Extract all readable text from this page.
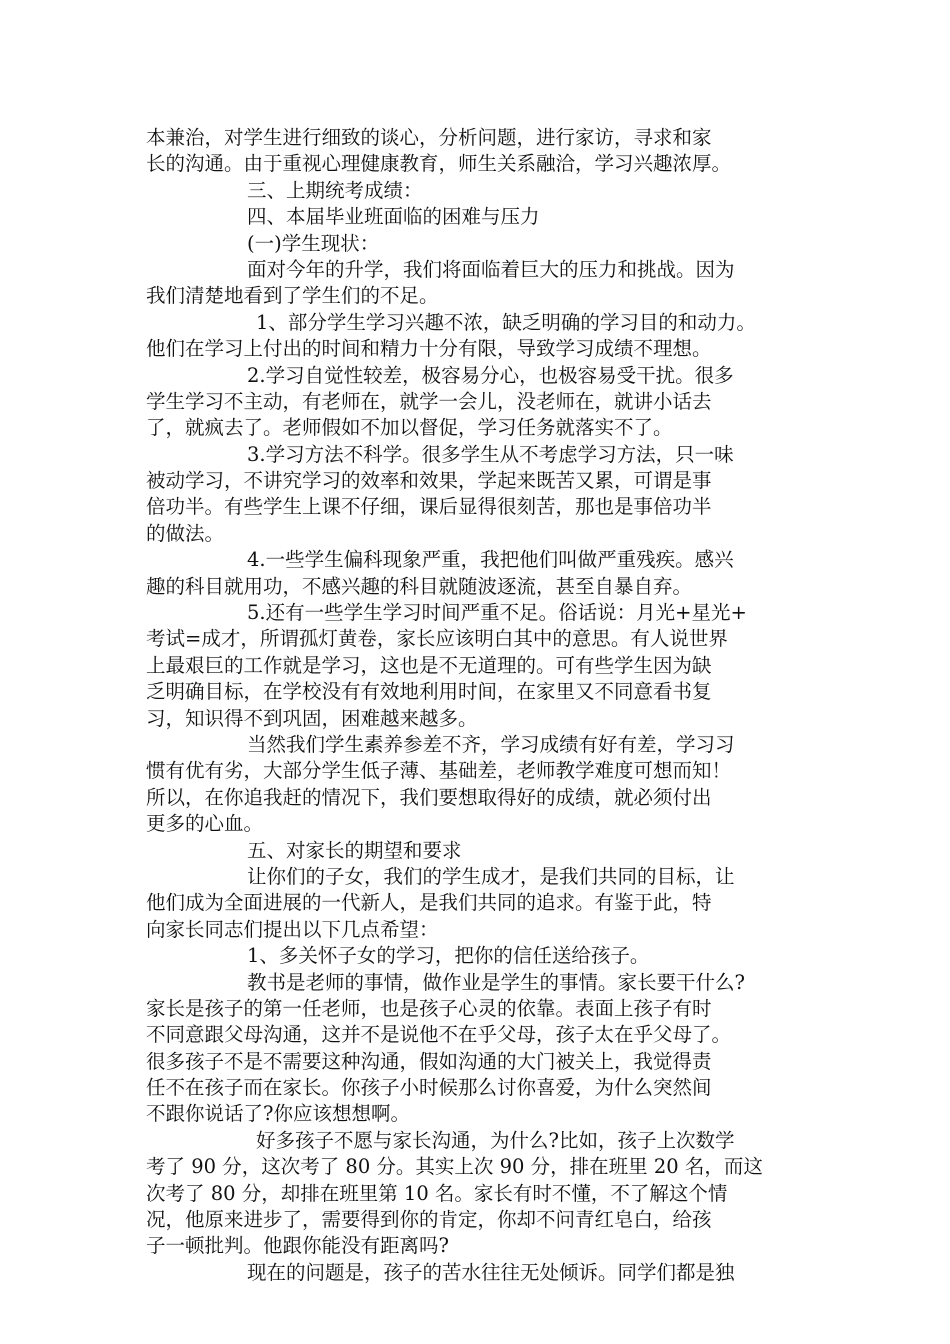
本兼治，对学生进行细致的谈心，分析问题，进行家访，寻求和家
长的沟通。由于重视心理健康教育，师生关系融洽，学习兴趣浓厚。
三、上期统考成绩：
四、本届毕业班面临的困难与压力
(一)学生现状：
面对今年的升学，我们将面临着巨大的压力和挑战。因为
我们清楚地看到了学生们的不足。
1、部分学生学习兴趣不浓，缺乏明确的学习目的和动力。
他们在学习上付出的时间和精力十分有限，导致学习成绩不理想。
2.学习自觉性较差，极容易分心，也极容易受干扰。很多
学生学习不主动，有老师在，就学一会儿，没老师在，就讲小话去
了，就疯去了。老师假如不加以督促，学习任务就落实不了。
3.学习方法不科学。很多学生从不考虑学习方法，只一味
被动学习，不讲究学习的效率和效果，学起来既苦又累，可谓是事
倍功半。有些学生上课不仔细，课后显得很刻苦，那也是事倍功半
的做法。
4.一些学生偏科现象严重，我把他们叫做严重残疾。感兴
趣的科目就用功，不感兴趣的科目就随波逐流，甚至自暴自弃。
5.还有一些学生学习时间严重不足。俗话说：月光+星光+
考试=成才，所谓孤灯黄卷，家长应该明白其中的意思。有人说世界
上最艰巨的工作就是学习，这也是不无道理的。可有些学生因为缺
乏明确目标，在学校没有有效地利用时间，在家里又不同意看书复
习，知识得不到巩固，困难越来越多。
当然我们学生素养参差不齐，学习成绩有好有差，学习习
惯有优有劣，大部分学生低子薄、基础差，老师教学难度可想而知！
所以，在你追我赶的情况下，我们要想取得好的成绩，就必须付出
更多的心血。
五、对家长的期望和要求
让你们的子女，我们的学生成才，是我们共同的目标，让
他们成为全面进展的一代新人，是我们共同的追求。有鉴于此，特
向家长同志们提出以下几点希望：
1、多关怀子女的学习，把你的信任送给孩子。
教书是老师的事情，做作业是学生的事情。家长要干什么?
家长是孩子的第一任老师，也是孩子心灵的依靠。表面上孩子有时
不同意跟父母沟通，这并不是说他不在乎父母，孩子太在乎父母了。
很多孩子不是不需要这种沟通，假如沟通的大门被关上，我觉得责
任不在孩子而在家长。你孩子小时候那么讨你喜爱，为什么突然间
不跟你说话了?你应该想想啊。
好多孩子不愿与家长沟通，为什么?比如，孩子上次数学
考了 90 分，这次考了 80 分。其实上次 90 分，排在班里 20 名，而这
次考了 80 分，却排在班里第 10 名。家长有时不懂，不了解这个情
况，他原来进步了，需要得到你的肯定，你却不问青红皂白，给孩
子一顿批判。他跟你能没有距离吗?
现在的问题是，孩子的苦水往往无处倾诉。同学们都是独
